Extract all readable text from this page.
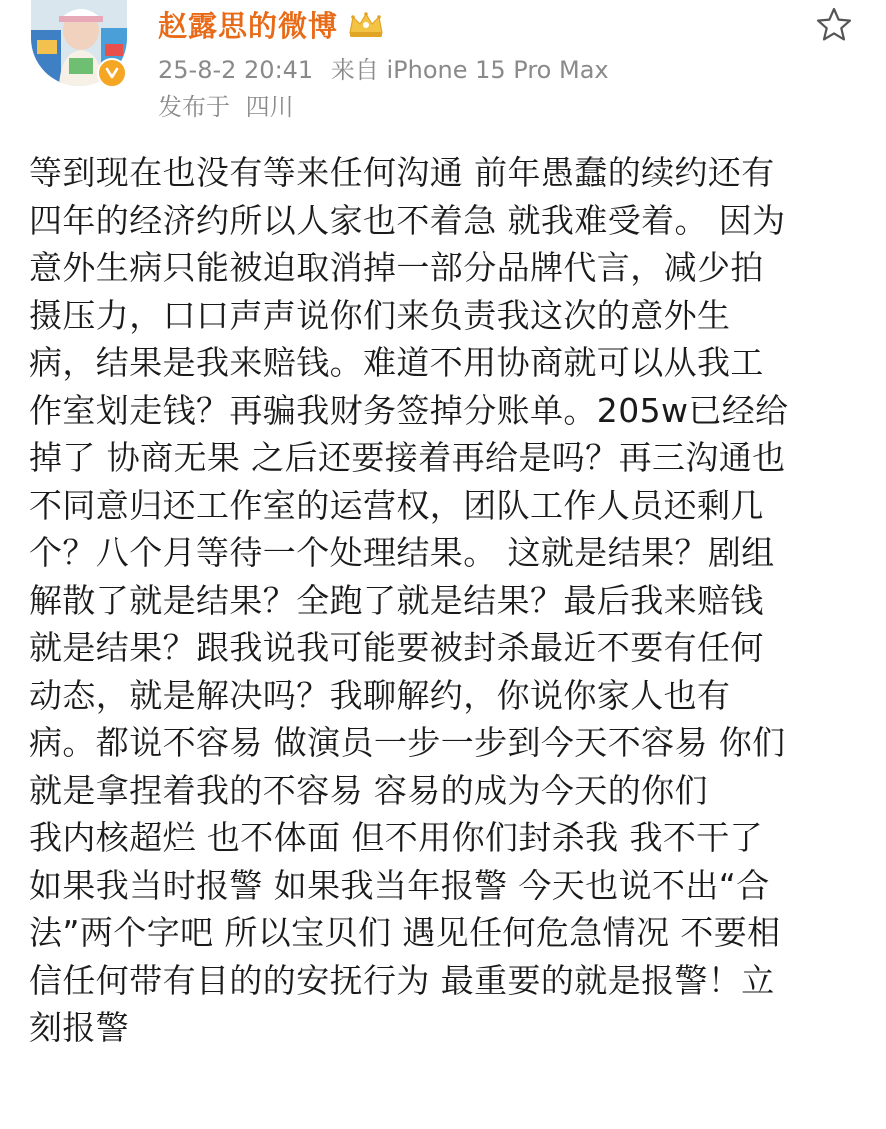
赵露思的微博
25-8-2 20:41 来自 iPhone 15 Pro Max
发布于 四川
等到现在也没有等来任何沟通 前年愚蠢的续约还有
四年的经济约所以人家也不着急 就我难受着。 因为
意外生病只能被迫取消掉一部分品牌代言，减少拍
摄压力，口口声声说你们来负责我这次的意外生
病，结果是我来赔钱。难道不用协商就可以从我工
作室划走钱？再骗我财务签掉分账单。205w已经给
掉了 协商无果 之后还要接着再给是吗？再三沟通也
不同意归还工作室的运营权，团队工作人员还剩几
个？八个月等待一个处理结果。 这就是结果？剧组
解散了就是结果？全跑了就是结果？最后我来赔钱
就是结果？跟我说我可能要被封杀最近不要有任何
动态，就是解决吗？我聊解约，你说你家人也有
病。都说不容易 做演员一步一步到今天不容易 你们
就是拿捏着我的不容易 容易的成为今天的你们
我内核超烂 也不体面 但不用你们封杀我 我不干了
如果我当时报警 如果我当年报警 今天也说不出“合
法”两个字吧 所以宝贝们 遇见任何危急情况 不要相
信任何带有目的的安抚行为 最重要的就是报警！立
刻报警
